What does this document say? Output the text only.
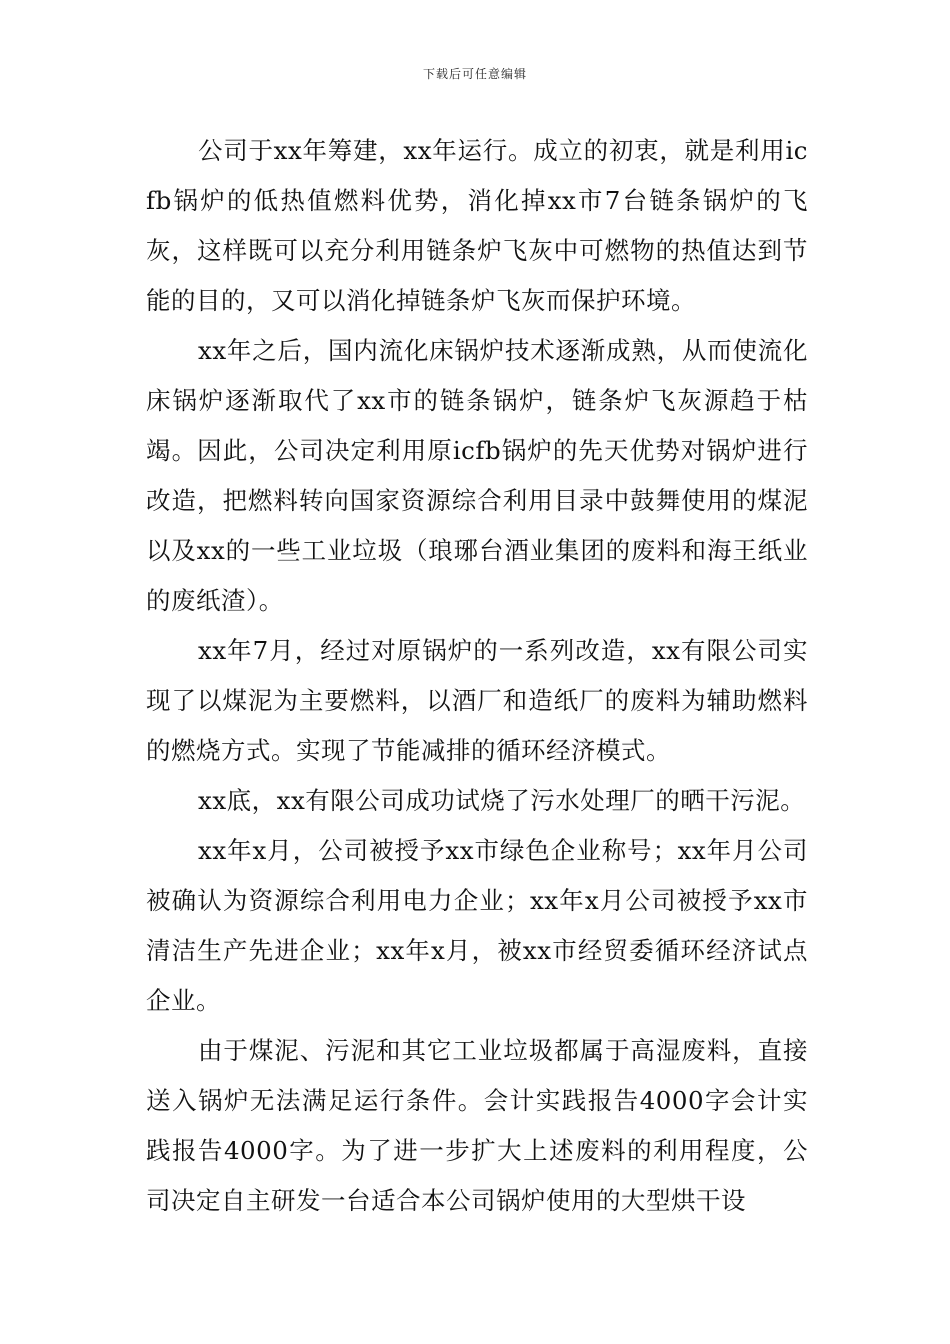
下载后可任意编辑

公司于xx年筹建，xx年运行。成立的初衷，就是利用icfb锅炉的低热值燃料优势，消化掉xx市7台链条锅炉的飞灰，这样既可以充分利用链条炉飞灰中可燃物的热值达到节能的目的，又可以消化掉链条炉飞灰而保护环境。

xx年之后，国内流化床锅炉技术逐渐成熟，从而使流化床锅炉逐渐取代了xx市的链条锅炉，链条炉飞灰源趋于枯竭。因此，公司决定利用原icfb锅炉的先天优势对锅炉进行改造，把燃料转向国家资源综合利用目录中鼓舞使用的煤泥以及xx的一些工业垃圾（琅琊台酒业集团的废料和海王纸业的废纸渣）。

xx年7月，经过对原锅炉的一系列改造，xx有限公司实现了以煤泥为主要燃料，以酒厂和造纸厂的废料为辅助燃料的燃烧方式。实现了节能减排的循环经济模式。

xx底，xx有限公司成功试烧了污水处理厂的晒干污泥。

xx年x月，公司被授予xx市绿色企业称号；xx年月公司被确认为资源综合利用电力企业；xx年x月公司被授予xx市清洁生产先进企业；xx年x月，被xx市经贸委循环经济试点企业。

由于煤泥、污泥和其它工业垃圾都属于高湿废料，直接送入锅炉无法满足运行条件。会计实践报告4000字会计实践报告4000字。为了进一步扩大上述废料的利用程度，公司决定自主研发一台适合本公司锅炉使用的大型烘干设
